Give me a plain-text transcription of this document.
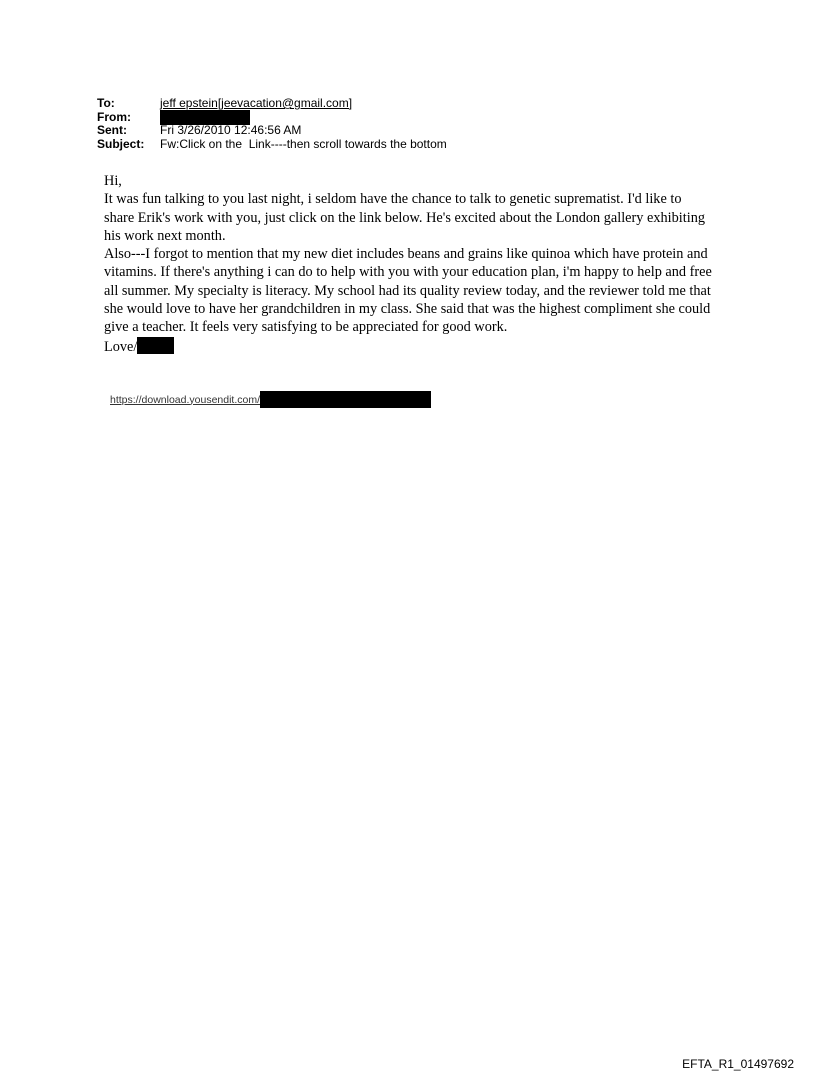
To:	jeff epstein[jeevacation@gmail.com]
From:
Sent:	Fri 3/26/2010 12:46:56 AM
Subject:	Fw:Click on the  Link----then scroll towards the bottom

Hi,

It was fun talking to you last night, i seldom have the chance to talk to genetic suprematist. I'd like to share Erik's work with you, just click on the link below. He's excited about the London gallery exhibiting his work next month.

Also---I forgot to mention that my new diet includes beans and grains like quinoa which have protein and vitamins. If there's anything i can do to help with you with your education plan, i'm happy to help and free all summer. My specialty is literacy. My school had its quality review today, and the reviewer told me that she would love to have her grandchildren in my class. She said that was the highest compliment she could give a teacher. It feels very satisfying to be appreciated for good work.

Love/

https://download.yousendit.com/
EFTA_R1_01497692
